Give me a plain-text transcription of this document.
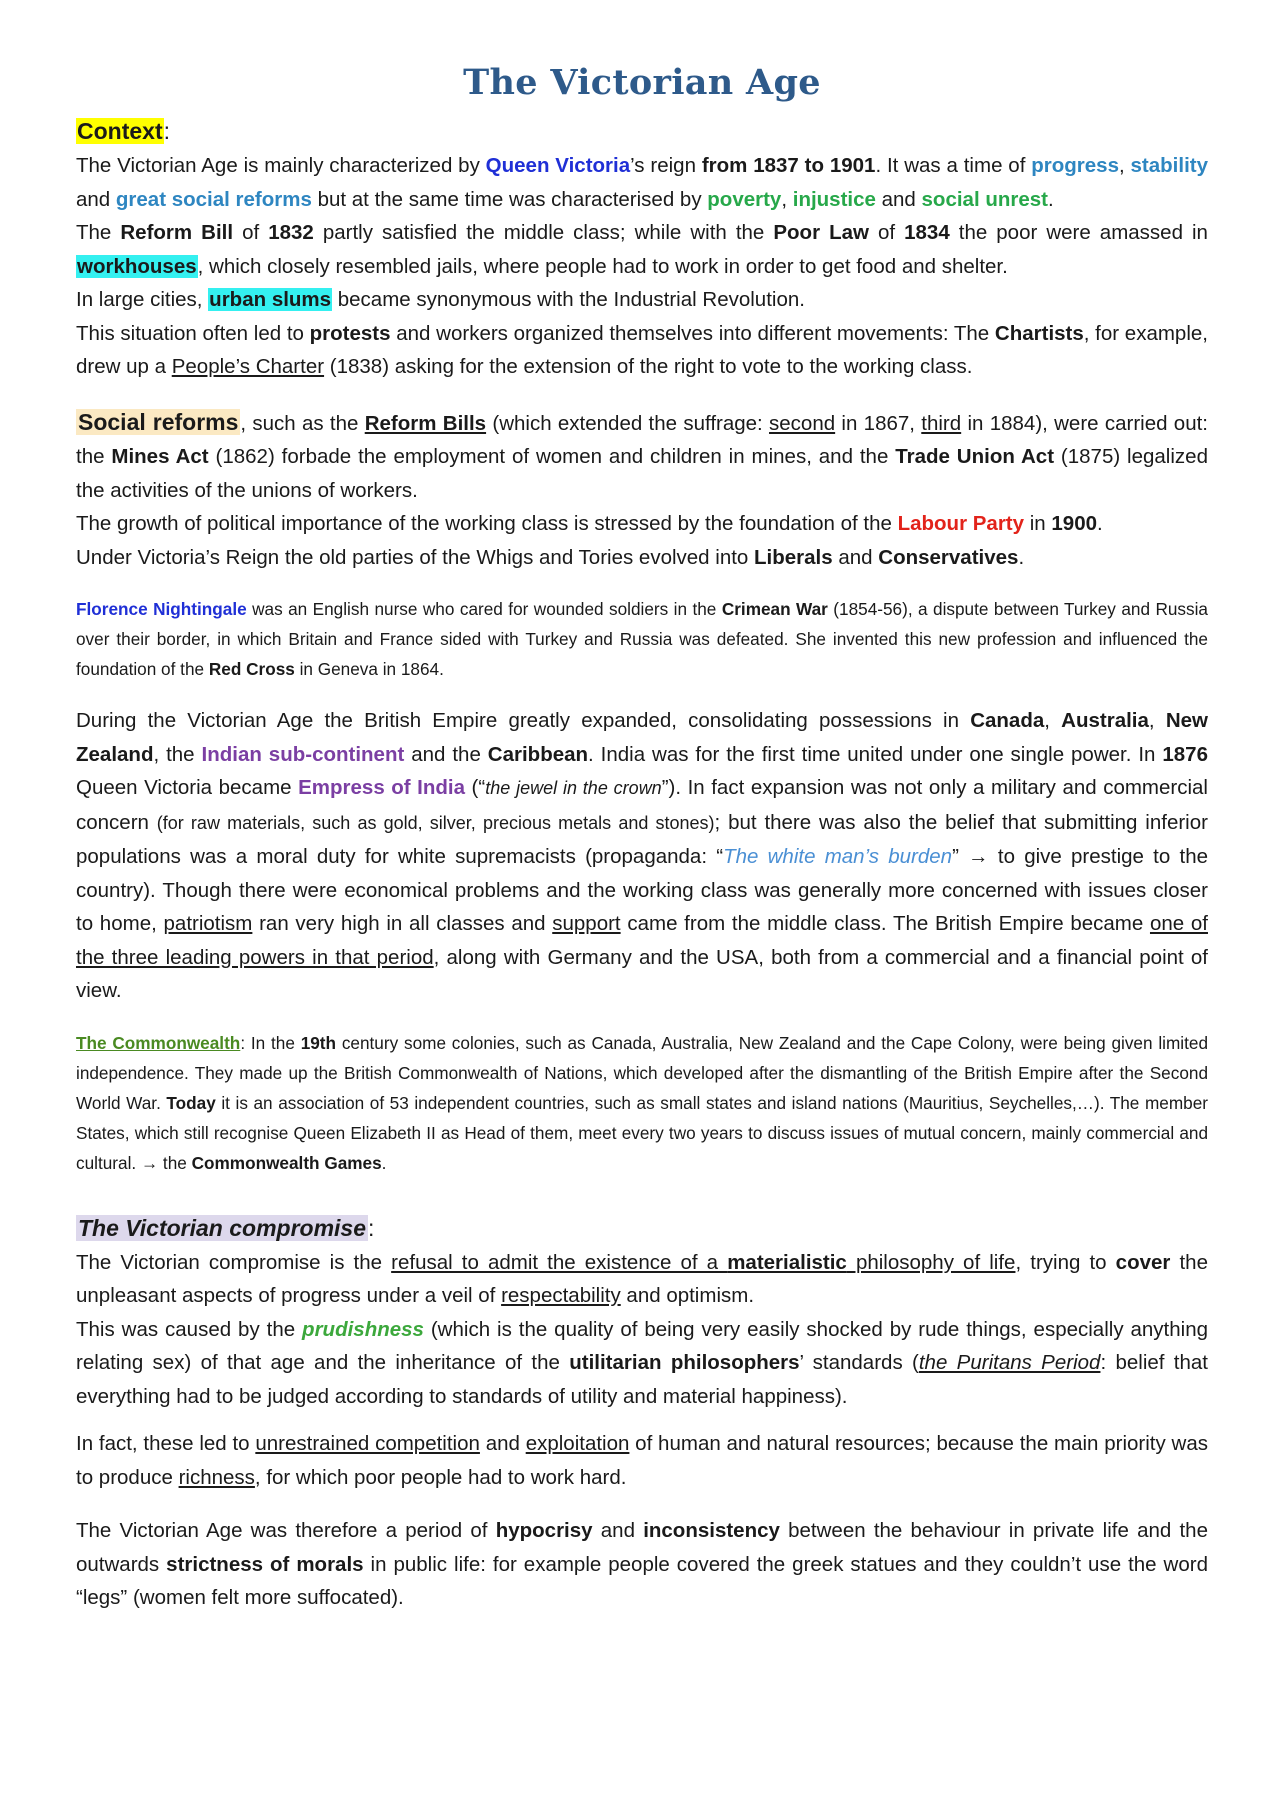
The Victorian Age

Context:

The Victorian Age is mainly characterized by Queen Victoria’s reign from 1837 to 1901. It was a time of progress, stability and great social reforms but at the same time was characterised by poverty, injustice and social unrest.

The Reform Bill of 1832 partly satisfied the middle class; while with the Poor Law of 1834 the poor were amassed in workhouses, which closely resembled jails, where people had to work in order to get food and shelter.

In large cities, urban slums became synonymous with the Industrial Revolution.

This situation often led to protests and workers organized themselves into different movements: The Chartists, for example, drew up a People’s Charter (1838) asking for the extension of the right to vote to the working class.

Social reforms, such as the Reform Bills (which extended the suffrage: second in 1867, third in 1884), were carried out: the Mines Act (1862) forbade the employment of women and children in mines, and the Trade Union Act (1875) legalized the activities of the unions of workers.

The growth of political importance of the working class is stressed by the foundation of the Labour Party in 1900.

Under Victoria’s Reign the old parties of the Whigs and Tories evolved into Liberals and Conservatives.

Florence Nightingale was an English nurse who cared for wounded soldiers in the Crimean War (1854-56), a dispute between Turkey and Russia over their border, in which Britain and France sided with Turkey and Russia was defeated. She invented this new profession and influenced the foundation of the Red Cross in Geneva in 1864.

During the Victorian Age the British Empire greatly expanded, consolidating possessions in Canada, Australia, New Zealand, the Indian sub-continent and the Caribbean. India was for the first time united under one single power. In 1876 Queen Victoria became Empress of India (“the jewel in the crown”). In fact expansion was not only a military and commercial concern (for raw materials, such as gold, silver, precious metals and stones); but there was also the belief that submitting inferior populations was a moral duty for white supremacists (propaganda: “The white man’s burden” → to give prestige to the country). Though there were economical problems and the working class was generally more concerned with issues closer to home, patriotism ran very high in all classes and support came from the middle class. The British Empire became one of the three leading powers in that period, along with Germany and the USA, both from a commercial and a financial point of view.

The Commonwealth: In the 19th century some colonies, such as Canada, Australia, New Zealand and the Cape Colony, were being given limited independence. They made up the British Commonwealth of Nations, which developed after the dismantling of the British Empire after the Second World War. Today it is an association of 53 independent countries, such as small states and island nations (Mauritius, Seychelles,…). The member States, which still recognise Queen Elizabeth II as Head of them, meet every two years to discuss issues of mutual concern, mainly commercial and cultural. → the Commonwealth Games.

The Victorian compromise:

The Victorian compromise is the refusal to admit the existence of a materialistic philosophy of life, trying to cover the unpleasant aspects of progress under a veil of respectability and optimism.

This was caused by the prudishness (which is the quality of being very easily shocked by rude things, especially anything relating sex) of that age and the inheritance of the utilitarian philosophers’ standards (the Puritans Period: belief that everything had to be judged according to standards of utility and material happiness).

In fact, these led to unrestrained competition and exploitation of human and natural resources; because the main priority was to produce richness, for which poor people had to work hard.

The Victorian Age was therefore a period of hypocrisy and inconsistency between the behaviour in private life and the outwards strictness of morals in public life: for example people covered the greek statues and they couldn’t use the word “legs” (women felt more suffocated).
